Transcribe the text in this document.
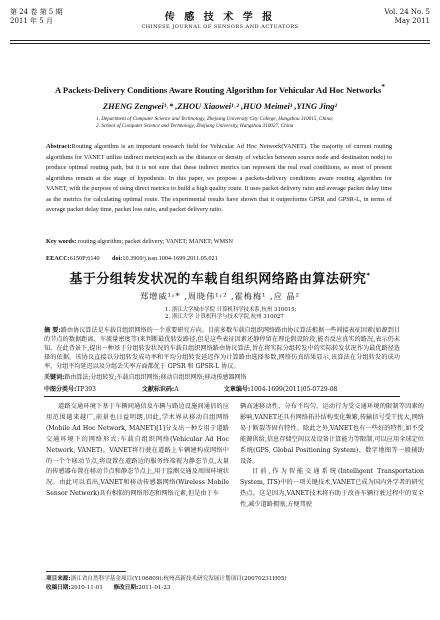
第 24 卷 第 5 期
2011 年 5 月	传 感 技 术 学 报
CHINESE JOURNAL OF SENSORS AND ACTUATORS
Vol. 24 No. 5
May 2011
A Packets-Delivery Conditions Aware Routing Algorithm for Vehicular Ad Hoc Networks*
ZHENG Zengwei¹˒* ,ZHOU Xiaowei¹˒² ,HUO Meimei¹ ,YING Jing²
1. Department of Computer Science and Technology, Zhejiang University City College, Hangzhou 310015, China;
2. School of Computer Science and Technology, Zhejiang University, Hangzhou 310027, China
Abstract:Routing algorithm is an important research field for Vehicular Ad Hoc Network(VANET). The majority of current routing algorithms for VANET utilize indirect metrics(such as the distance or density of vehicles between source node and destination node) to produce optimal routing path, but it is not sure that these indirect metrics can represent the real road conditions, so most of present algorithms remain at the stage of hypothesis. In this paper, we propose a packets-delivery conditions aware routing algorithm for VANET, with the purpose of using direct metrics to build a high quality route. It uses packet delivery ratio and average packet delay time as the metrics for calculating optimal route. The experimental results have shown that it outperforms GPSR and GPSR-L, in terms of average packet delay time, packet loss ratio, and packet delivery ratio.
Key words: routing algorithm; packet delivery; VANET; MANET; WMSN
EEACC:6150P;6140 doi:10.3969/j.issn.1004-1699.2011.05.021
基于分组转发状况的车载自组织网络路由算法研究*
郑增威¹˒* ,周晓伟¹˒² ,霍梅梅¹ ,应 晶²
1. 浙江大学城市学院 计算机科学技术系,杭州 310015;
2. 浙江大学 计算机科学与技术学院,杭州 310027
摘 要:路由协议算法是车载自组织网络的一个重要研究方向。目前多数车载自组织网络路由协议算法根据一些间接表征因素(如源到目的节点的数据距离、车流量密度等)来判断最优转发路径,但是这些表征因素还静停留在理论假设阶段,能否反应真实的路况,表示仍未知。在此背景下,提出一种基于分组转发状况的车载自组织网络路由协议算法,旨在将实际分组转发中的实际转发状况作为最优路径选择的依据。该协议直接以分组转发成功率和平均分组转发延迟作为计算路由选择参数,网络仿真结果显示,该算法在分组转发的成功率、分组平均延迟以及分组丢失率方面都优于 GPSR 和 GPSR-L 协议。
关键词:路由算法;分组转发;车载自组织网络;移动自组织网络;移动传感器网络
中图分类号:TP393	文献标识码:A	文章编号:1004-1699(2011)05-0729-08

道路交通环境下基于车辆间通信及车辆与路边设施间通信的应用范围越来越广,前景也日益明朗,因此,学术界从移动自组网络(Mobile Ad Hoc Network, MANET)[1]分支出一种专用于道路交通环境下的网络形式:车载自组织网络(Vehicular Ad Hoc Network, VANET)。VANET将行驶在道路上车辆建构成网络中的一个个移动节点,将设置在道路边的服务终端视为静态节点,大量的传感器布置在移动节点和静态节点上,用于监测交通及周围环境状况。由此可以看出,VANET和移动传感器网络(Wireless Mobile Sensor Network)具有相似的网络形态和网络元素,但是由于车

辆高速移动性、分布不均匀、运动行为受交通环境的限制等因素的影响,VANET还具有网络拓扑结构变化频繁,传输信号受干扰大,网络易于断裂等固有特性。除此之外,VANET也有一些好的特性,如不受能源供给,信息存储空间以及设备计算能力等限制,可以应用全球定位系统(GPS, Global Positioning System)、数字地图等一般辅助设备。

目前,作为智能交通系统(Intelligent Transportation System, ITS)中的一项关键技术,VANET已成为国内外学者的研究热点。这是因为,VANET技术将有助于改善车辆行驶过程中的安全性,减少道路拥塞,方便驾驶

项目来源:浙江省自然科学基金项目(Y106809);杭州高新技术研究发展计划项目(20070231H05)
收稿日期:2010-11-01 修改日期:2011-01-23
